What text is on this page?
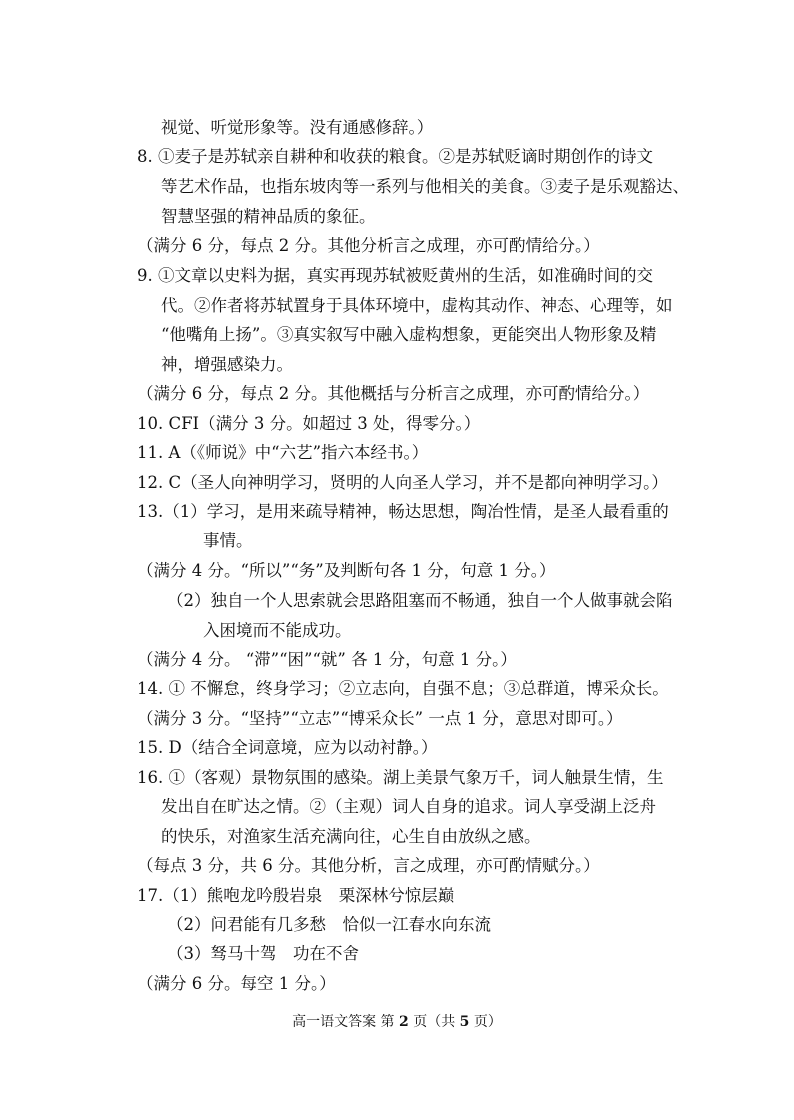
视觉、听觉形象等。没有通感修辞。）
8. ①麦子是苏轼亲自耕种和收获的粮食。②是苏轼贬谪时期创作的诗文
等艺术作品，也指东坡肉等一系列与他相关的美食。③麦子是乐观豁达、
智慧坚强的精神品质的象征。
（满分 6 分，每点 2 分。其他分析言之成理，亦可酌情给分。）
9. ①文章以史料为据，真实再现苏轼被贬黄州的生活，如准确时间的交
代。②作者将苏轼置身于具体环境中，虚构其动作、神态、心理等，如
“他嘴角上扬”。③真实叙写中融入虚构想象，更能突出人物形象及精
神，增强感染力。
（满分 6 分，每点 2 分。其他概括与分析言之成理，亦可酌情给分。）
10. CFI（满分 3 分。如超过 3 处，得零分。）
11. A（《师说》中“六艺”指六本经书。）
12. C（圣人向神明学习，贤明的人向圣人学习，并不是都向神明学习。）
13.（1）学习，是用来疏导精神，畅达思想，陶冶性情，是圣人最看重的
事情。
（满分 4 分。“所以”“务”及判断句各 1 分，句意 1 分。）
（2）独自一个人思索就会思路阻塞而不畅通，独自一个人做事就会陷
入困境而不能成功。
（满分 4 分。 “滞”“困”“就” 各 1 分，句意 1 分。）
14. ① 不懈怠，终身学习；②立志向，自强不息；③总群道，博采众长。
（满分 3 分。“坚持”“立志”“博采众长” 一点 1 分，意思对即可。）
15. D（结合全词意境，应为以动衬静。）
16. ①（客观）景物氛围的感染。湖上美景气象万千，词人触景生情，生
发出自在旷达之情。②（主观）词人自身的追求。词人享受湖上泛舟
的快乐，对渔家生活充满向往，心生自由放纵之感。
（每点 3 分，共 6 分。其他分析，言之成理，亦可酌情赋分。）
17.（1）熊咆龙吟殷岩泉　栗深林兮惊层巅
（2）问君能有几多愁　恰似一江春水向东流
（3）驽马十驾　功在不舍
（满分 6 分。每空 1 分。）
高一语文答案 第 2 页（共 5 页）
